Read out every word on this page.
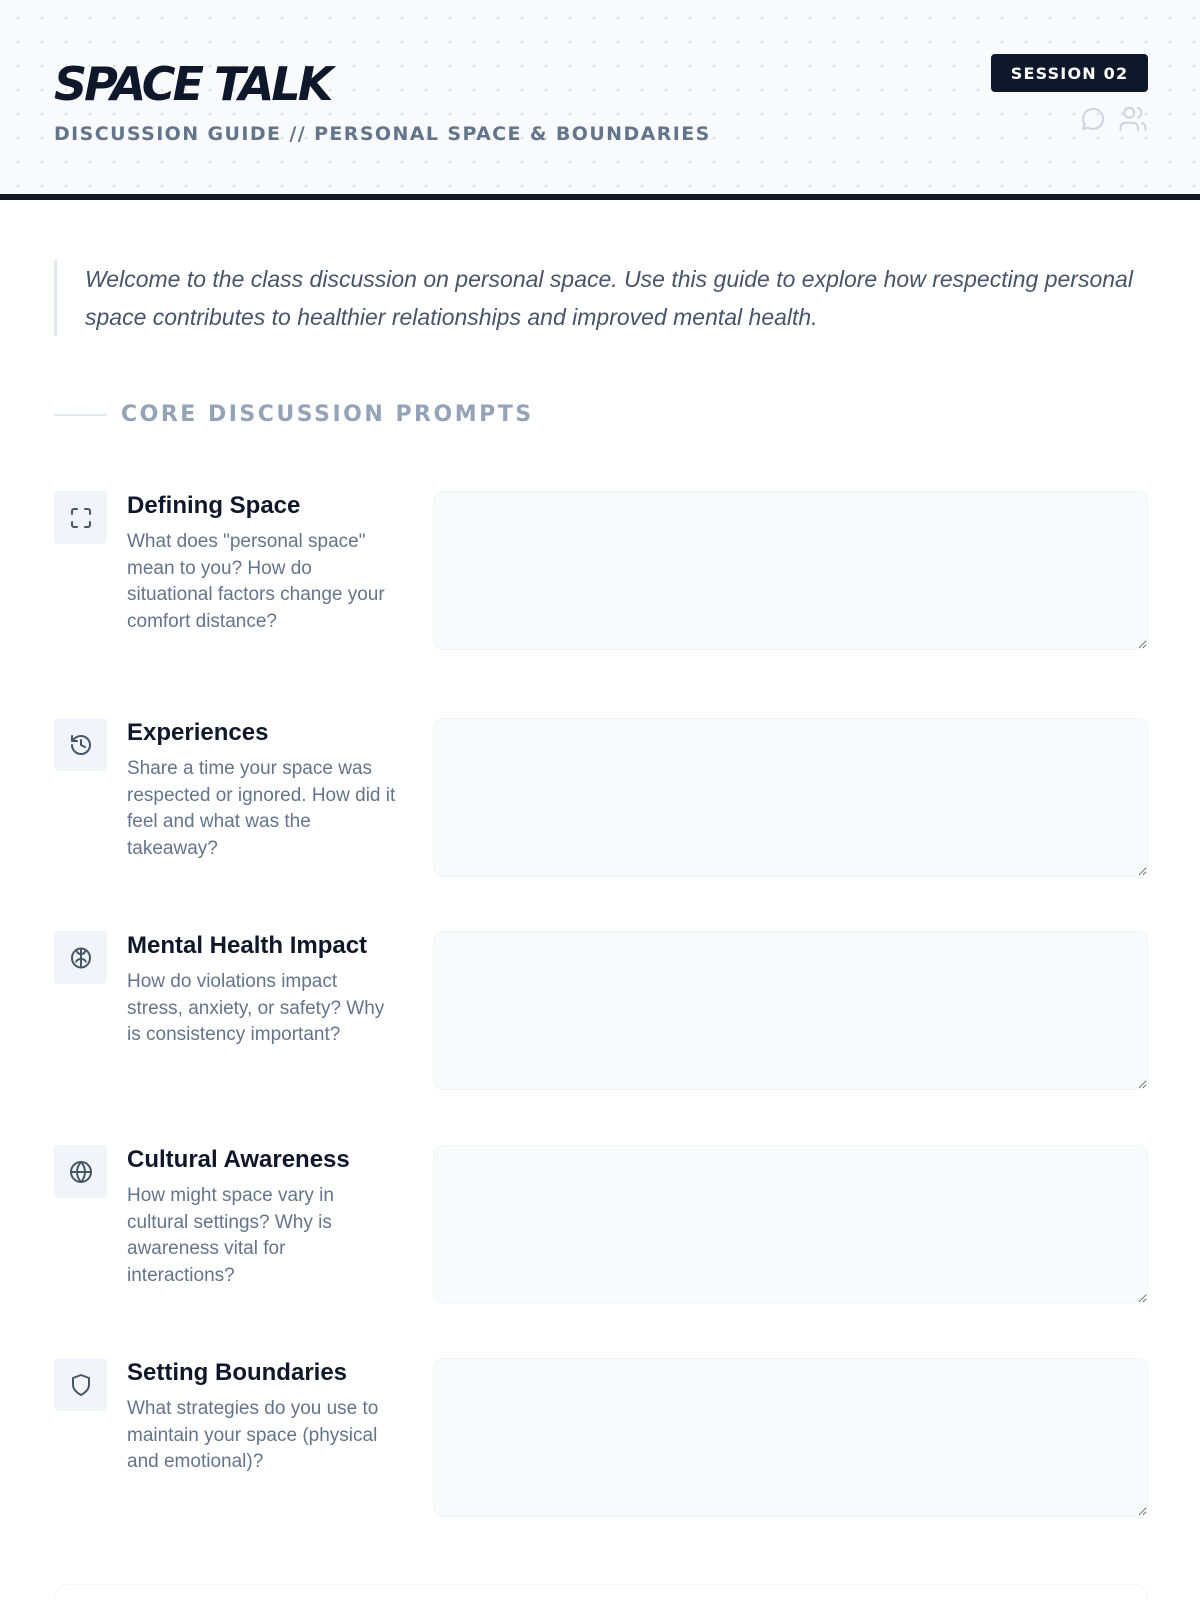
SPACE TALK
DISCUSSION GUIDE // PERSONAL SPACE & BOUNDARIES
SESSION 02
Welcome to the class discussion on personal space. Use this guide to explore how respecting personal space contributes to healthier relationships and improved mental health.
CORE DISCUSSION PROMPTS
Defining Space
What does "personal space" mean to you? How do situational factors change your comfort distance?
Experiences
Share a time your space was respected or ignored. How did it feel and what was the takeaway?
Mental Health Impact
How do violations impact stress, anxiety, or safety? Why is consistency important?
Cultural Awareness
How might space vary in cultural settings? Why is awareness vital for interactions?
Setting Boundaries
What strategies do you use to maintain your space (physical and emotional)?
